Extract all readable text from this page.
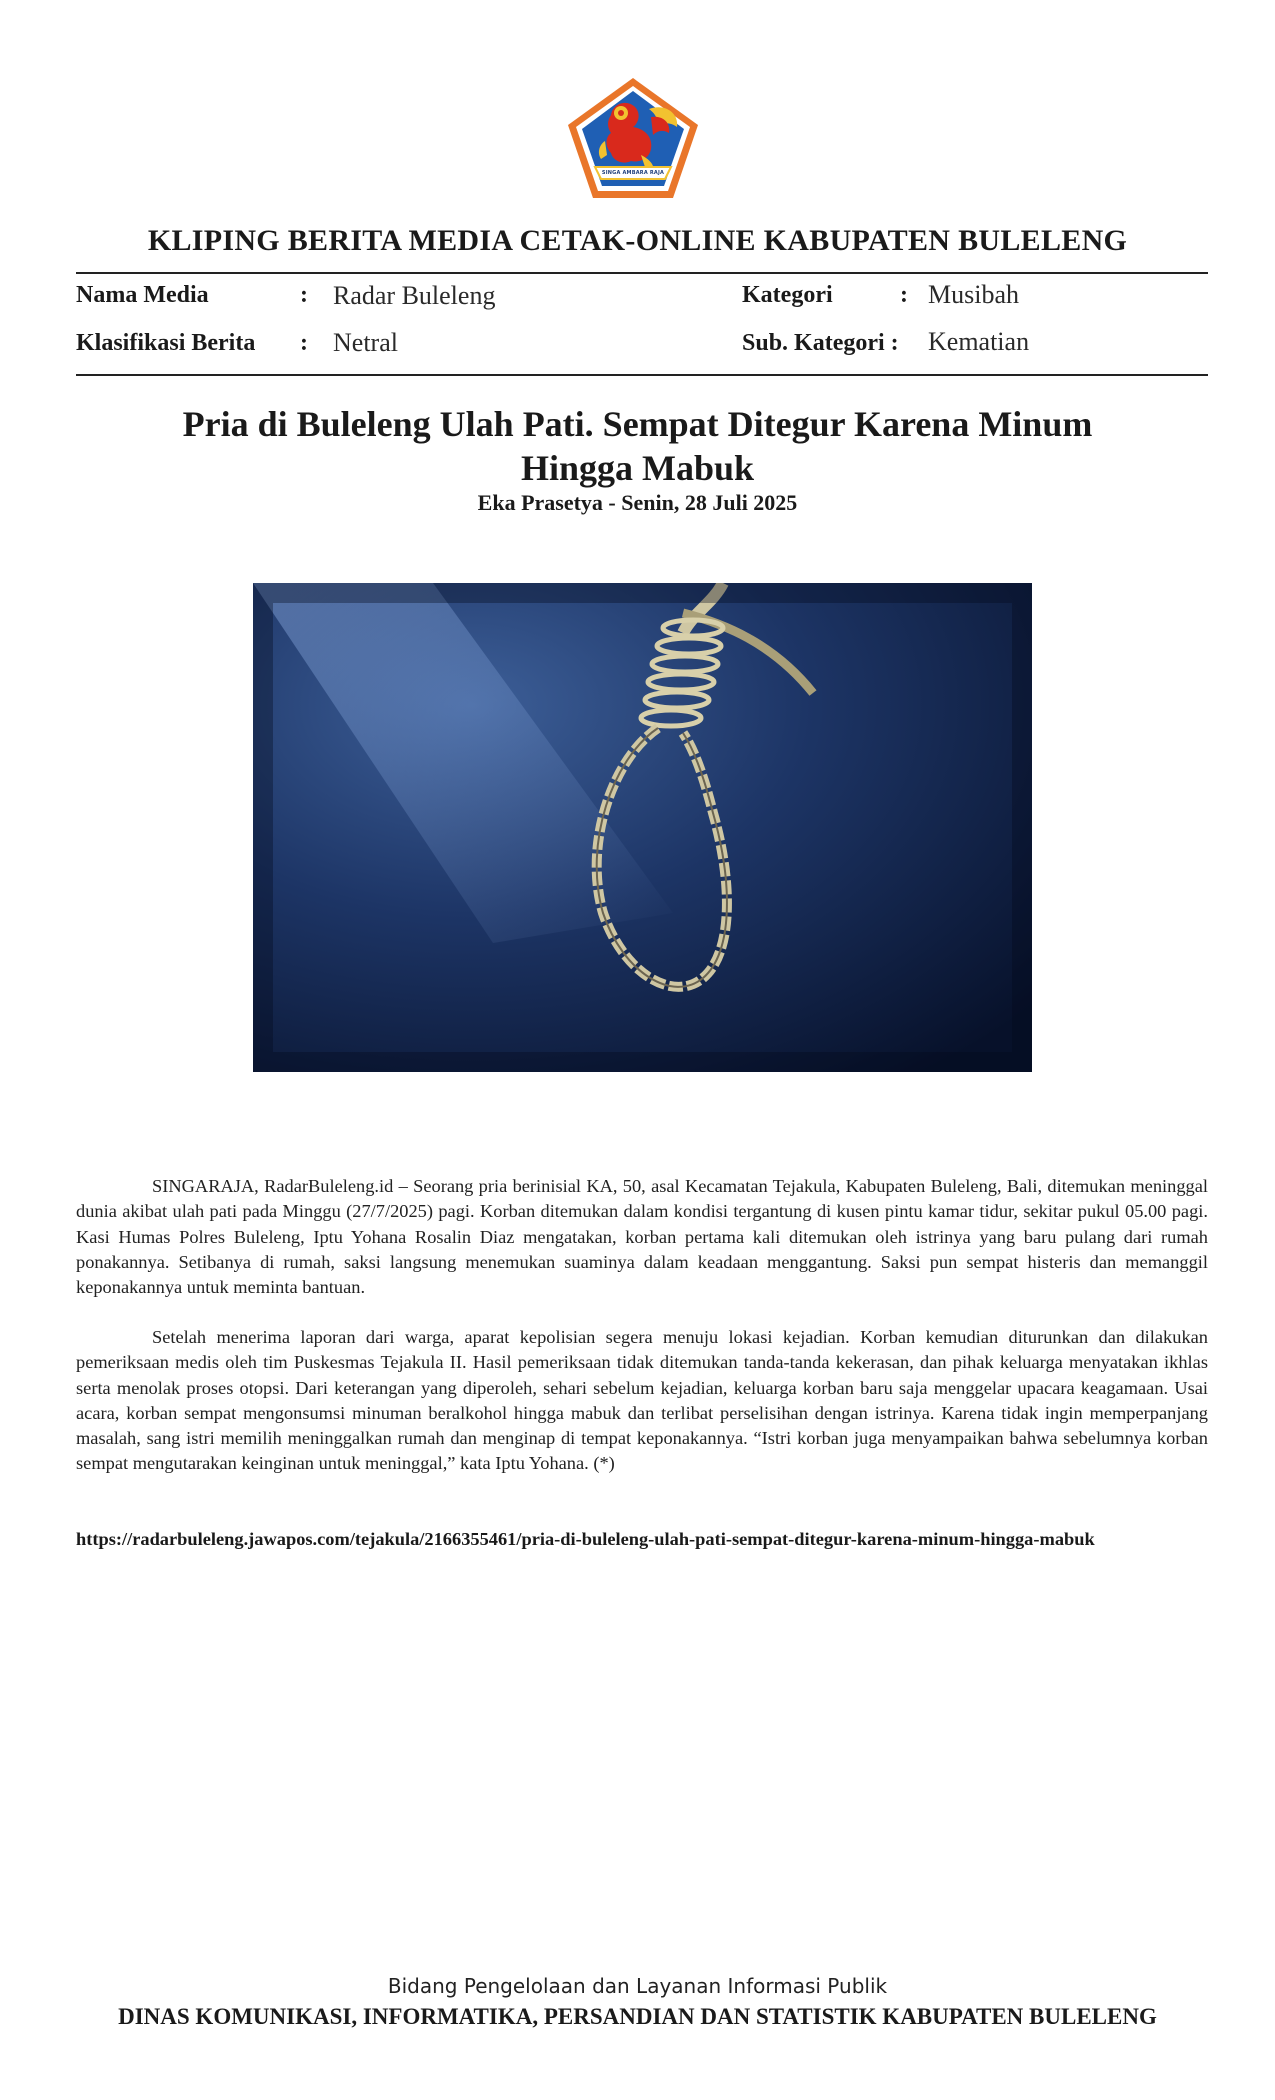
SINGA AMBARA RAJA
KLIPING BERITA MEDIA CETAK-ONLINE KABUPATEN BULELENG
Nama Media	: Radar Buleleng	Kategori	: Musibah
Klasifikasi Berita : Netral	Sub. Kategori : Kematian
Pria di Buleleng Ulah Pati. Sempat Ditegur Karena Minum Hingga Mabuk
Eka Prasetya - Senin, 28 Juli 2025

SINGARAJA, RadarBuleleng.id – Seorang pria berinisial KA, 50, asal Kecamatan Tejakula, Kabupaten Buleleng, Bali, ditemukan meninggal dunia akibat ulah pati pada Minggu (27/7/2025) pagi. Korban ditemukan dalam kondisi tergantung di kusen pintu kamar tidur, sekitar pukul 05.00 pagi. Kasi Humas Polres Buleleng, Iptu Yohana Rosalin Diaz mengatakan, korban pertama kali ditemukan oleh istrinya yang baru pulang dari rumah ponakannya. Setibanya di rumah, saksi langsung menemukan suaminya dalam keadaan menggantung. Saksi pun sempat histeris dan memanggil keponakannya untuk meminta bantuan.

Setelah menerima laporan dari warga, aparat kepolisian segera menuju lokasi kejadian. Korban kemudian diturunkan dan dilakukan pemeriksaan medis oleh tim Puskesmas Tejakula II. Hasil pemeriksaan tidak ditemukan tanda-tanda kekerasan, dan pihak keluarga menyatakan ikhlas serta menolak proses otopsi. Dari keterangan yang diperoleh, sehari sebelum kejadian, keluarga korban baru saja menggelar upacara keagamaan. Usai acara, korban sempat mengonsumsi minuman beralkohol hingga mabuk dan terlibat perselisihan dengan istrinya. Karena tidak ingin memperpanjang masalah, sang istri memilih meninggalkan rumah dan menginap di tempat keponakannya. “Istri korban juga menyampaikan bahwa sebelumnya korban sempat mengutarakan keinginan untuk meninggal,” kata Iptu Yohana. (*)

https://radarbuleleng.jawapos.com/tejakula/2166355461/pria-di-buleleng-ulah-pati-sempat-ditegur-karena-minum-hingga-mabuk
Bidang Pengelolaan dan Layanan Informasi Publik
DINAS KOMUNIKASI, INFORMATIKA, PERSANDIAN DAN STATISTIK KABUPATEN BULELENG
